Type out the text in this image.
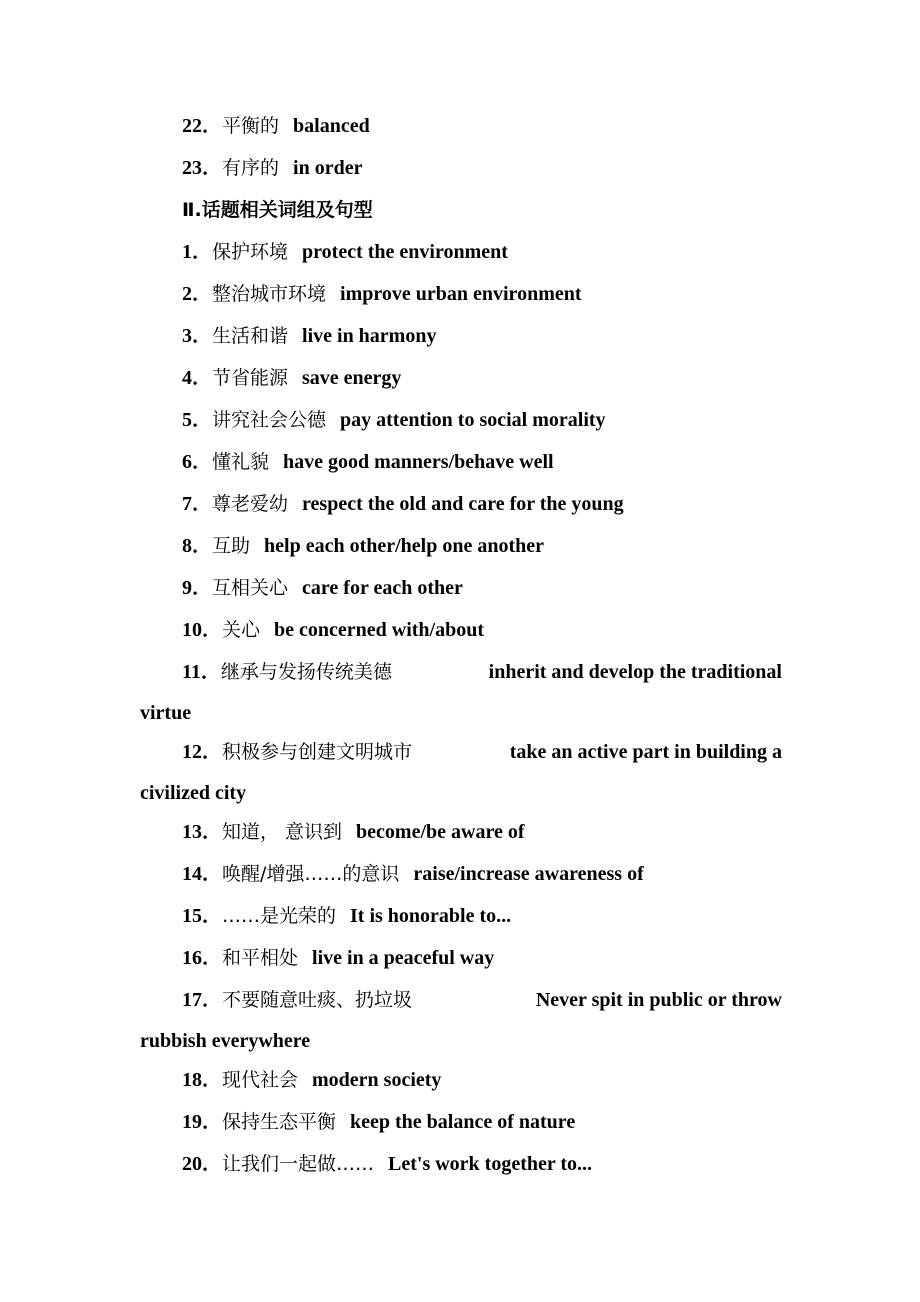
22．平衡的 balanced
23．有序的 in order
Ⅱ.话题相关词组及句型
1．保护环境 protect the environment
2．整治城市环境 improve urban environment
3．生活和谐 live in harmony
4．节省能源 save energy
5．讲究社会公德 pay attention to social morality
6．懂礼貌 have good manners/behave well
7．尊老爱幼 respect the old and care for the young
8．互助 help each other/help one another
9．互相关心 care for each other
10．关心 be concerned with/about
11．继承与发扬传统美德	inherit and develop the traditional
virtue
12．积极参与创建文明城市	take an active part in building a
civilized city
13．知道， 意识到 become/be aware of
14．唤醒/增强……的意识 raise/increase awareness of
15．……是光荣的 It is honorable to...
16．和平相处 live in a peaceful way
17．不要随意吐痰、扔垃圾	Never spit in public or throw
rubbish everywhere
18．现代社会 modern society
19．保持生态平衡 keep the balance of nature
20．让我们一起做…… Let's work together to...
